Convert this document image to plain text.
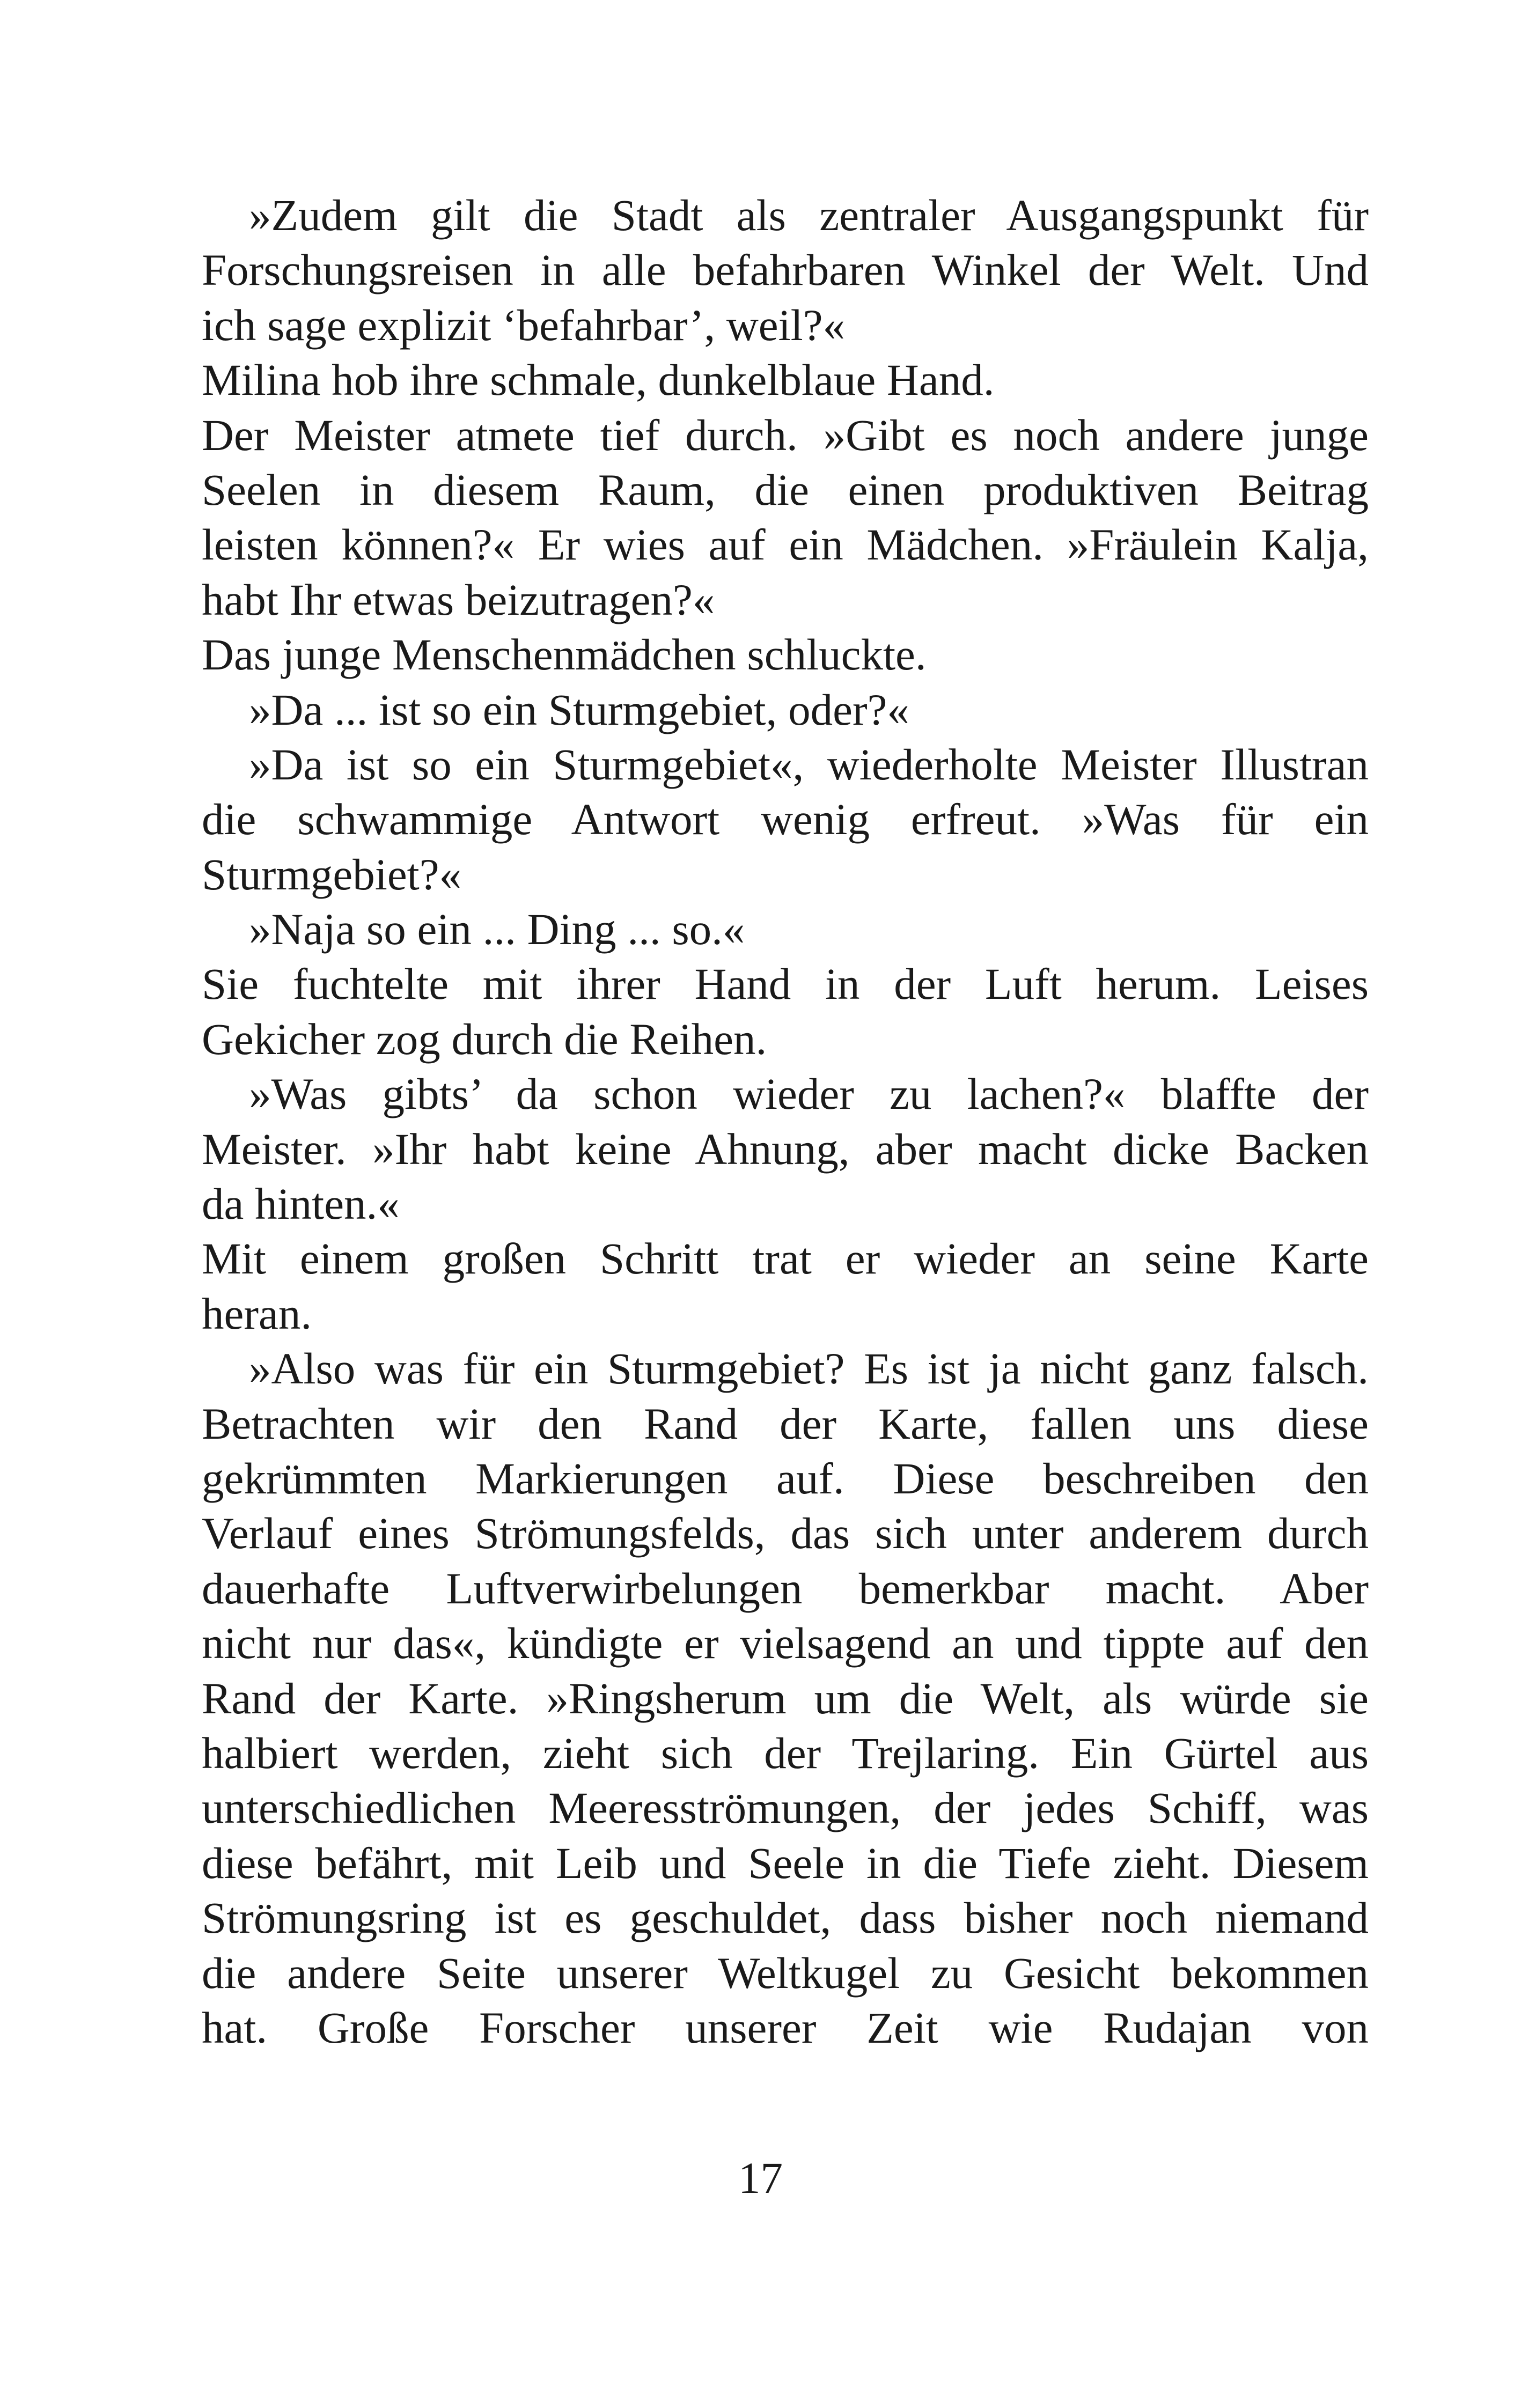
»Zudem gilt die Stadt als zentraler Ausgangspunkt für
Forschungsreisen in alle befahrbaren Winkel der Welt. Und
ich sage explizit ‘befahrbar’, weil?«
Milina hob ihre schmale, dunkelblaue Hand.
Der Meister atmete tief durch. »Gibt es noch andere junge
Seelen in diesem Raum, die einen produktiven Beitrag
leisten können?« Er wies auf ein Mädchen. »Fräulein Kalja,
habt Ihr etwas beizutragen?«
Das junge Menschenmädchen schluckte.
»Da ... ist so ein Sturmgebiet, oder?«
»Da ist so ein Sturmgebiet«, wiederholte Meister Illustran
die schwammige Antwort wenig erfreut. »Was für ein
Sturmgebiet?«
»Naja so ein ... Ding ... so.«
Sie fuchtelte mit ihrer Hand in der Luft herum. Leises
Gekicher zog durch die Reihen.
»Was gibts’ da schon wieder zu lachen?« blaffte der
Meister. »Ihr habt keine Ahnung, aber macht dicke Backen
da hinten.«
Mit einem großen Schritt trat er wieder an seine Karte
heran.
»Also was für ein Sturmgebiet? Es ist ja nicht ganz falsch.
Betrachten wir den Rand der Karte, fallen uns diese
gekrümmten Markierungen auf. Diese beschreiben den
Verlauf eines Strömungsfelds, das sich unter anderem durch
dauerhafte Luftverwirbelungen bemerkbar macht. Aber
nicht nur das«, kündigte er vielsagend an und tippte auf den
Rand der Karte. »Ringsherum um die Welt, als würde sie
halbiert werden, zieht sich der Trejlaring. Ein Gürtel aus
unterschiedlichen Meeresströmungen, der jedes Schiff, was
diese befährt, mit Leib und Seele in die Tiefe zieht. Diesem
Strömungsring ist es geschuldet, dass bisher noch niemand
die andere Seite unserer Weltkugel zu Gesicht bekommen
hat. Große Forscher unserer Zeit wie Rudajan von
17
